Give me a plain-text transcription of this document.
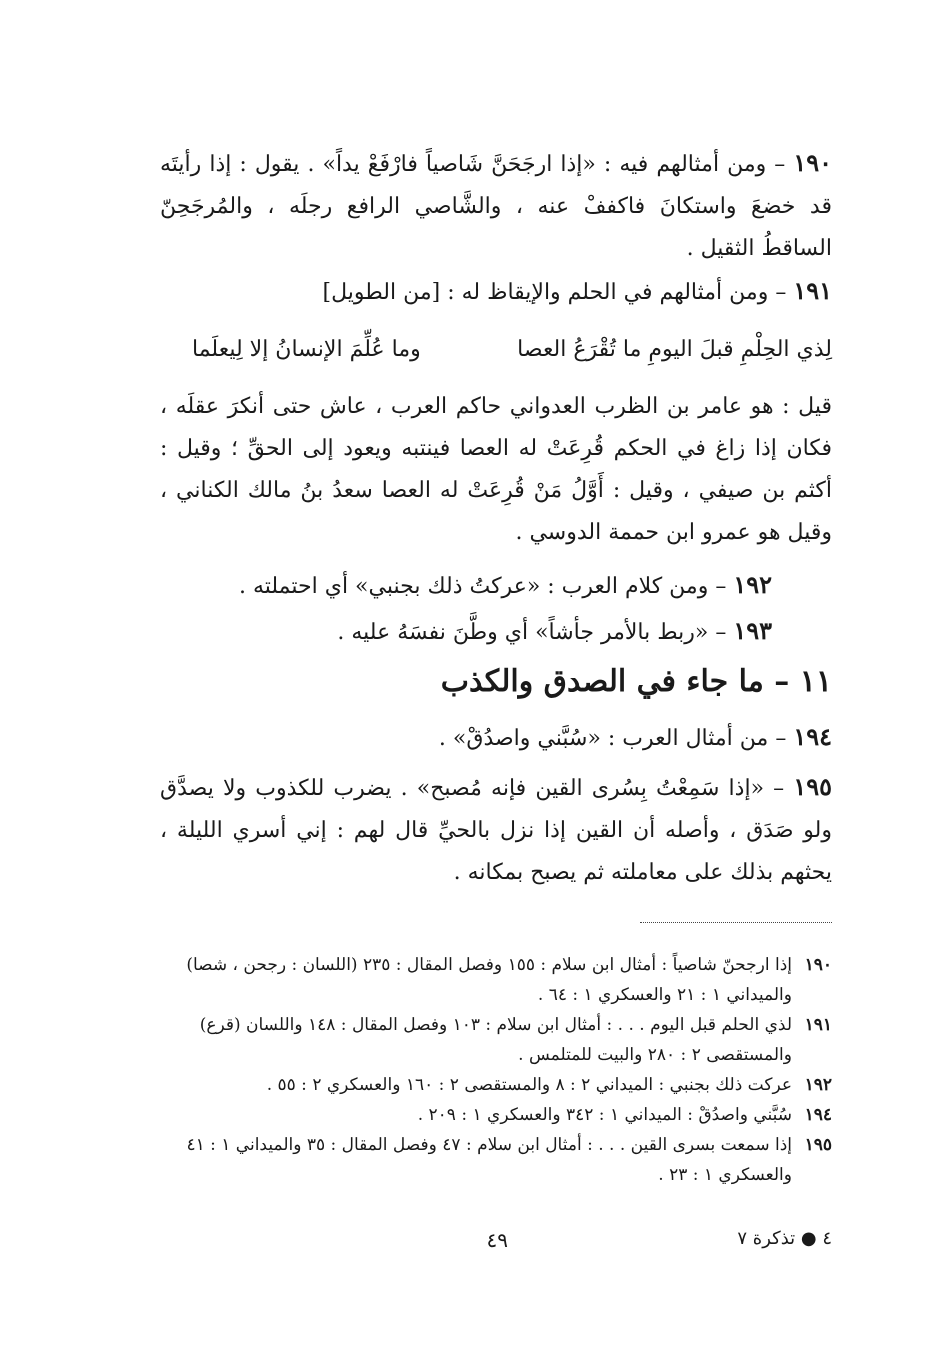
١٩٠ – ومن أمثالهم فيه : «إذا ارجَحَنَّ شَاصياً فارْفَعْ يداً» . يقول : إذا رأيتَه قد خضعَ واستكانَ فاكففْ عنه ، والشَّاصي الرافع رجلَه ، والمُرجَحِنّ الساقطُ الثقيل .

١٩١ – ومن أمثالهم في الحلم والإيقاظ له : [من الطويل]

لِذي الحِلْمِ قبلَ اليومِ ما تُقْرَعُ العصا
وما عُلِّمَ الإنسانُ إلا لِيعلَما

قيل : هو عامر بن الظرب العدواني حاكم العرب ، عاش حتى أنكرَ عقلَه ، فكان إذا زاغ في الحكم قُرِعَتْ له العصا فينتبه ويعود إلى الحقِّ ؛ وقيل : أكثم بن صيفي ، وقيل : أَوَّلُ مَنْ قُرِعَتْ له العصا سعدُ بنُ مالك الكناني ، وقيل هو عمرو ابن حممة الدوسي .

١٩٢ – ومن كلام العرب : «عركتُ ذلك بجنبي» أي احتملته .

١٩٣ – «ربط بالأمر جأشاً» أي وطَّنَ نفسَهُ عليه .

١١ – ما جاء في الصدق والكذب

١٩٤ – من أمثال العرب : «سُبَّني واصدُقْ» .

١٩٥ – «إذا سَمِعْتُ بِسُرى القين فإنه مُصبح» . يضرب للكذوب ولا يصدَّق ولو صَدَق ، وأصله أن القين إذا نزل بالحيِّ قال لهم : إني أسري الليلة ، يحثهم بذلك على معاملته ثم يصبح بمكانه .

١٩٠
إذا ارجحنّ شاصياً : أمثال ابن سلام : ١٥٥ وفصل المقال : ٢٣٥ (اللسان : رجحن ، شصا)
والميداني ١ : ٢١ والعسكري ١ : ٦٤ .
١٩١
لذي الحلم قبل اليوم . . . : أمثال ابن سلام : ١٠٣ وفصل المقال : ١٤٨ واللسان (قرع)
والمستقصى ٢ : ٢٨٠ والبيت للمتلمس .
١٩٢
عركت ذلك بجنبي : الميداني ٢ : ٨ والمستقصى ٢ : ١٦٠ والعسكري ٢ : ٥٥ .
١٩٤
سُبَّني واصدُقْ : الميداني ١ : ٣٤٢ والعسكري ١ : ٢٠٩ .
١٩٥
إذا سمعت بسرى القين . . . : أمثال ابن سلام : ٤٧ وفصل المقال : ٣٥ والميداني ١ : ٤١
والعسكري ١ : ٢٣ .
٤٩	٤ ● تذكرة ٧
